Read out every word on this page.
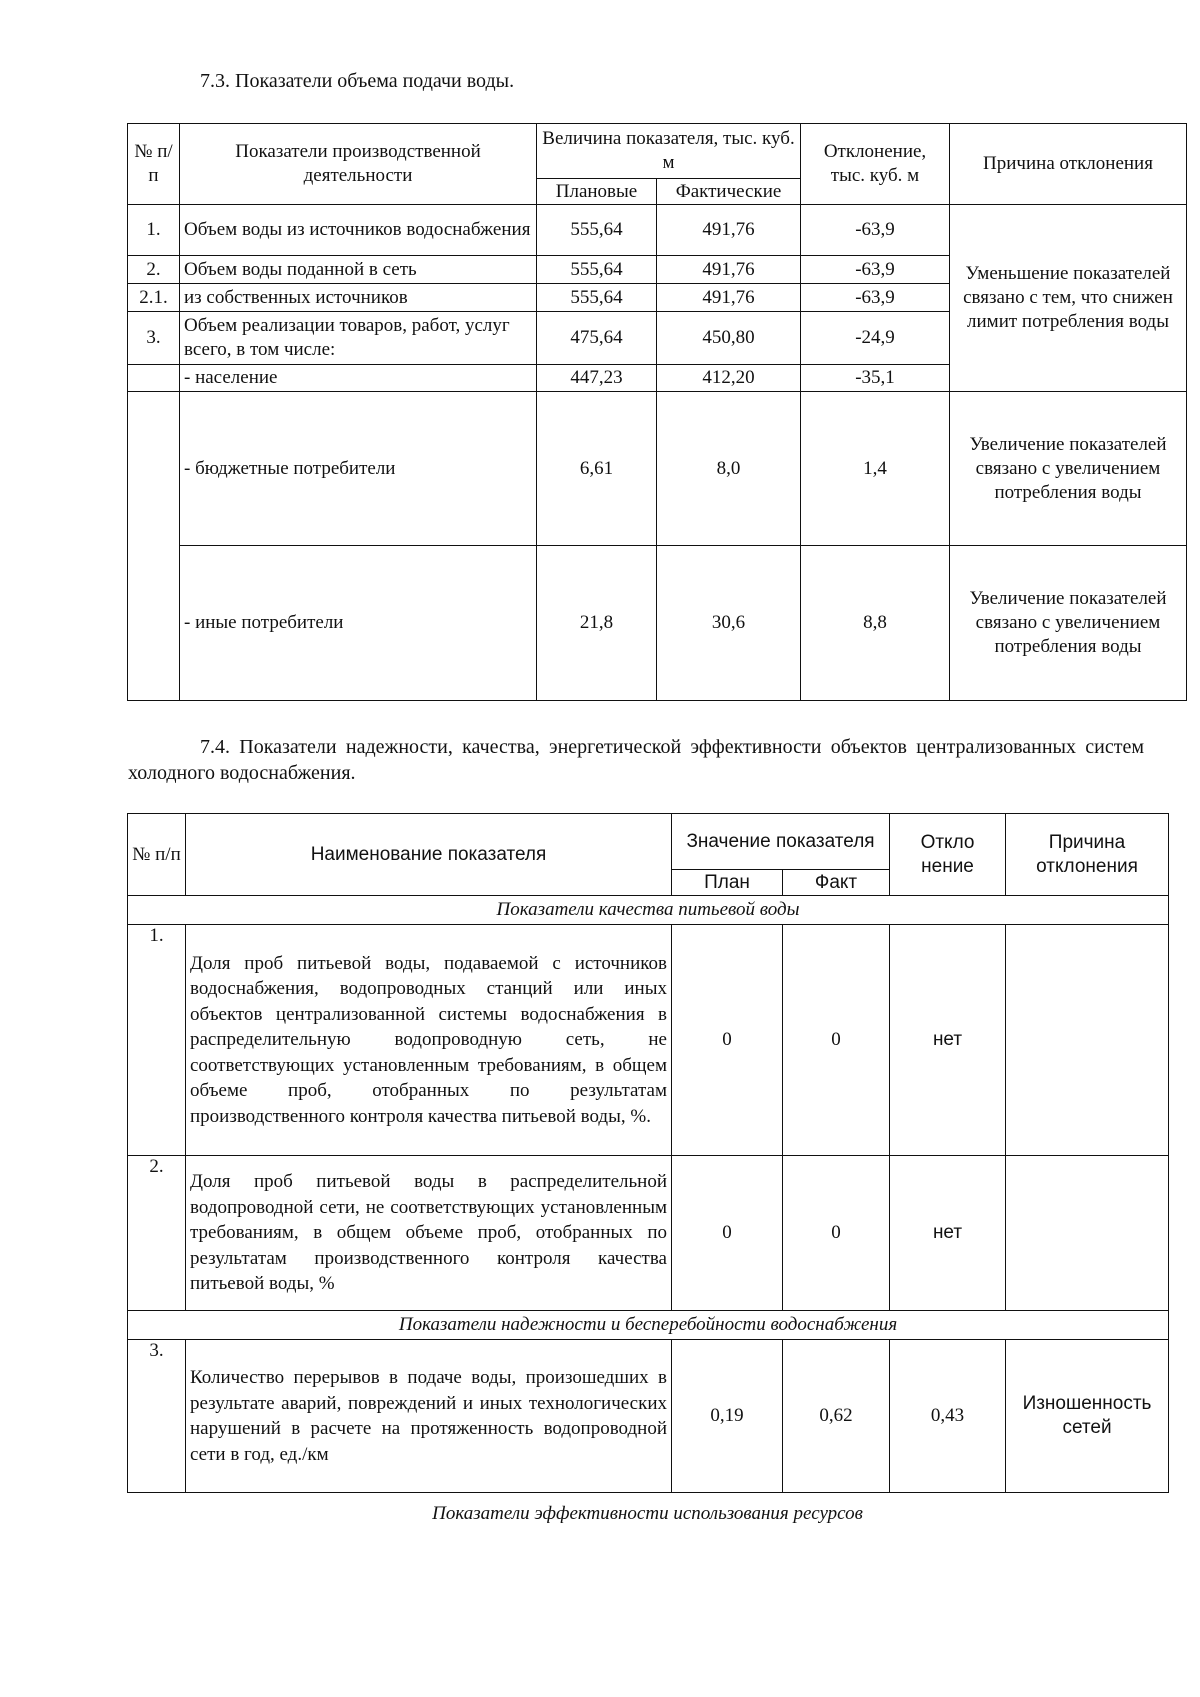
7.3. Показатели объема подачи воды.
№ п/п	Показатели производственной деятельности	Величина показателя, тыс. куб. м		Отклонение, тыс. куб. м	Причина отклонения
		Плановые	Фактические		
1.	Объем воды из источников водоснабжения	555,64	491,76	-63,9	Уменьшение показателей связано с тем, что снижен лимит потребления воды
2.	Объем воды поданной в сеть	555,64	491,76	-63,9	
2.1.	из собственных источников	555,64	491,76	-63,9	
3.	Объем реализации товаров, работ, услуг всего, в том числе:	475,64	450,80	-24,9	
	- население	447,23	412,20	-35,1	
	- бюджетные потребители	6,61	8,0	1,4	Увеличение показателей связано с увеличением потребления воды
	- иные потребители	21,8	30,6	8,8	Увеличение показателей связано с увеличением потребления воды
7.4. Показатели надежности, качества, энергетической эффективности объектов централизованных систем холодного водоснабжения.
№ п/п	Наименование показателя	Значение показателя		Откло нение	Причина отклонения
		План	Факт		
Показатели качества питьевой воды					
1.	Доля проб питьевой воды, подаваемой с источников водоснабжения, водопроводных станций или иных объектов централизованной системы водоснабжения в распределительную водопроводную сеть, не соответствующих установленным требованиям, в общем объеме проб, отобранных по результатам производственного контроля качества питьевой воды, %.	0	0	нет	
2.	Доля проб питьевой воды в распределительной водопроводной сети, не соответствующих установленным требованиям, в общем объеме проб, отобранных по результатам производственного контроля качества питьевой воды, %	0	0	нет	
Показатели надежности и бесперебойности водоснабжения					
3.	Количество перерывов в подаче воды, произошедших в результате аварий, повреждений и иных технологических нарушений в расчете на протяженность водопроводной сети в год, ед./км	0,19	0,62	0,43	Изношенность сетей
Показатели эффективности использования ресурсов
